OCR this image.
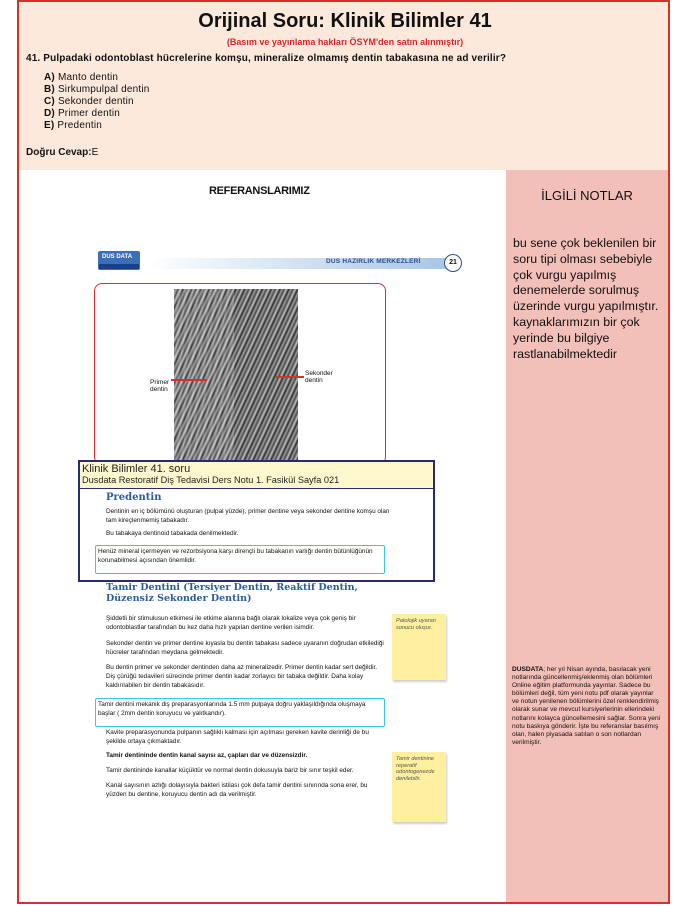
Orijinal Soru: Klinik Bilimler 41
(Basım ve yayınlama hakları ÖSYM'den satın alınmıştır)
41. Pulpadaki odontoblast hücrelerine komşu, mineralize olmamış dentin tabakasına ne ad verilir?
A) Manto dentin
B) Sirkumpulpal dentin
C) Sekonder dentin
D) Primer dentin
E) Predentin
Doğru Cevap:E
REFERANSLARIMIZ
DUS DATA
DUS HAZIRLIK MERKEZLERİ	21
Sekonder dentin
Primer dentin
Klinik Bilimler 41. soru
Dusdata Restoratif Diş Tedavisi Ders Notu 1. Fasikül Sayfa 021
Predentin
Dentinin en iç bölümünü oluşturan (pulpal yüzde), primer dentine veya sekonder dentine komşu olan tam kireçlenmemiş tabakadır.
Bu tabakaya dentinoid tabakada denilmektedir.
Henüz mineral içermeyen ve rezorbsiyona karşı dirençli bu tabakanın varlığı dentin bütünlüğünün korunabilmesi açısından önemlidir.
Tamir Dentini (Tersiyer Dentin, Reaktif Dentin, Düzensiz Sekonder Dentin)
Şiddetli bir stimulusun etkimesi ile etkime alanına bağlı olarak lokalize veya çok geniş bir odontoblastlar tarafından bu kez daha hızlı yapılan dentine verilen isimdir.
Sekonder dentin ve primer dentine kıyasla bu dentin tabakası sadece uyaranın doğrudan etkilediği hücreler tarafından meydana gelmektedir.
Bu dentin primer ve sekonder dentinden daha az mineralizedir. Primer dentin kadar sert değildir. Diş çürüğü tedavileri sürecinde primer dentin kadar zorlayıcı bir tabaka değildir. Daha kolay kaldırılabilen bir dentin tabakasıdır.
Tamir dentini mekanik diş preparasyonlarında 1.5 mm pulpaya doğru yaklaşıldığında oluşmaya başlar ( 2mm dentin koruyucu ve yalıtkandır).
Kavite preparasyonunda pulpanın sağlıklı kalması için açılması gereken kavite derinliği de bu şekilde ortaya çıkmaktadır.
Tamir dentininde dentin kanal sayısı az, çapları dar ve düzensizdir.
Tamir dentininde kanallar küçüktür ve normal dentin dokusuyla bariz bir sınır teşkil eder.
Kanal sayısının azlığı dolayısıyla bakteri istilası çok defa tamir dentini sınırında sona erer, bu yüzden bu dentine, koruyucu dentin adı da verilmiştir.
Patolojik uyaran sonucu oluşur.
Tamir dentinine reperatif odontogenezde denilebilir.
İLGİLİ NOTLAR
bu sene çok beklenilen bir soru tipi olması sebebiyle çok vurgu yapılmış denemelerde sorulmuş üzerinde vurgu yapılmıştır. kaynaklarımızın bir çok yerinde bu bilgiye rastlanabilmektedir
DUSDATA; her yıl Nisan ayında, basılacak yeni notlarında güncellenmiş/eklenmiş olan bölümleri Online eğitim platformunda yayınlar. Sadece bu bölümleri değil, tüm yeni notu pdf olarak yayınlar ve notun yenilenen bölümlerini özel renklendirilmiş olarak sunar ve mevcut kursiyerlerinin ellerindeki notlarını kolayca güncellemesini sağlar. Sonra yeni notu baskıya gönderir. İşte bu referanslar basılmış olan, halen piyasada satılan o son notlardan verilmiştir.
